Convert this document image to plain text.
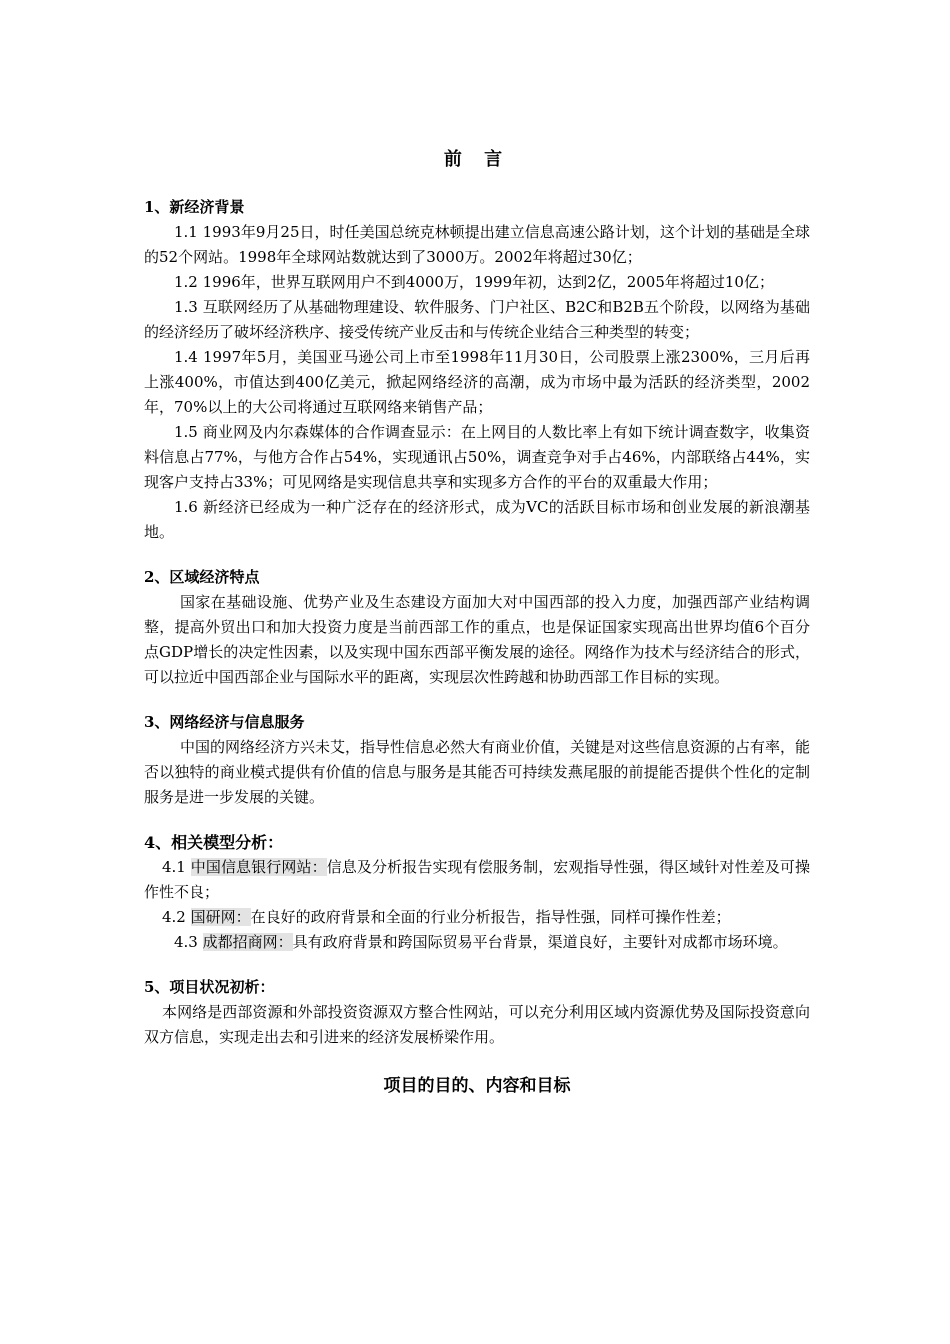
前 言
1、新经济背景

1.1 1993年9月25日，时任美国总统克林顿提出建立信息高速公路计划，这个计划的基础是全球的52个网站。1998年全球网站数就达到了3000万。2002年将超过30亿；

1.2 1996年，世界互联网用户不到4000万，1999年初，达到2亿，2005年将超过10亿；

1.3 互联网经历了从基础物理建设、软件服务、门户社区、B2C和B2B五个阶段，以网络为基础的经济经历了破坏经济秩序、接受传统产业反击和与传统企业结合三种类型的转变；

1.4 1997年5月，美国亚马逊公司上市至1998年11月30日，公司股票上涨2300%，三月后再上涨400%，市值达到400亿美元，掀起网络经济的高潮，成为市场中最为活跃的经济类型，2002年，70%以上的大公司将通过互联网络来销售产品；

1.5 商业网及内尔森媒体的合作调查显示：在上网目的人数比率上有如下统计调查数字，收集资料信息占77%，与他方合作占54%，实现通讯占50%，调查竞争对手占46%，内部联络占44%，实现客户支持占33%；可见网络是实现信息共享和实现多方合作的平台的双重最大作用；

1.6 新经济已经成为一种广泛存在的经济形式，成为VC的活跃目标市场和创业发展的新浪潮基地。

2、区域经济特点

国家在基础设施、优势产业及生态建设方面加大对中国西部的投入力度，加强西部产业结构调整，提高外贸出口和加大投资力度是当前西部工作的重点，也是保证国家实现高出世界均值6个百分点GDP增长的决定性因素，以及实现中国东西部平衡发展的途径。网络作为技术与经济结合的形式，可以拉近中国西部企业与国际水平的距离，实现层次性跨越和协助西部工作目标的实现。

3、网络经济与信息服务

中国的网络经济方兴未艾，指导性信息必然大有商业价值，关键是对这些信息资源的占有率，能否以独特的商业模式提供有价值的信息与服务是其能否可持续发燕尾服的前提能否提供个性化的定制服务是进一步发展的关键。

4、相关模型分析：

4.1 中国信息银行网站：信息及分析报告实现有偿服务制，宏观指导性强，得区域针对性差及可操作性不良；

4.2 国研网：在良好的政府背景和全面的行业分析报告，指导性强，同样可操作性差；

4.3 成都招商网：具有政府背景和跨国际贸易平台背景，渠道良好，主要针对成都市场环境。

5、项目状况初析：

本网络是西部资源和外部投资资源双方整合性网站，可以充分利用区域内资源优势及国际投资意向双方信息，实现走出去和引进来的经济发展桥梁作用。

项目的目的、内容和目标
